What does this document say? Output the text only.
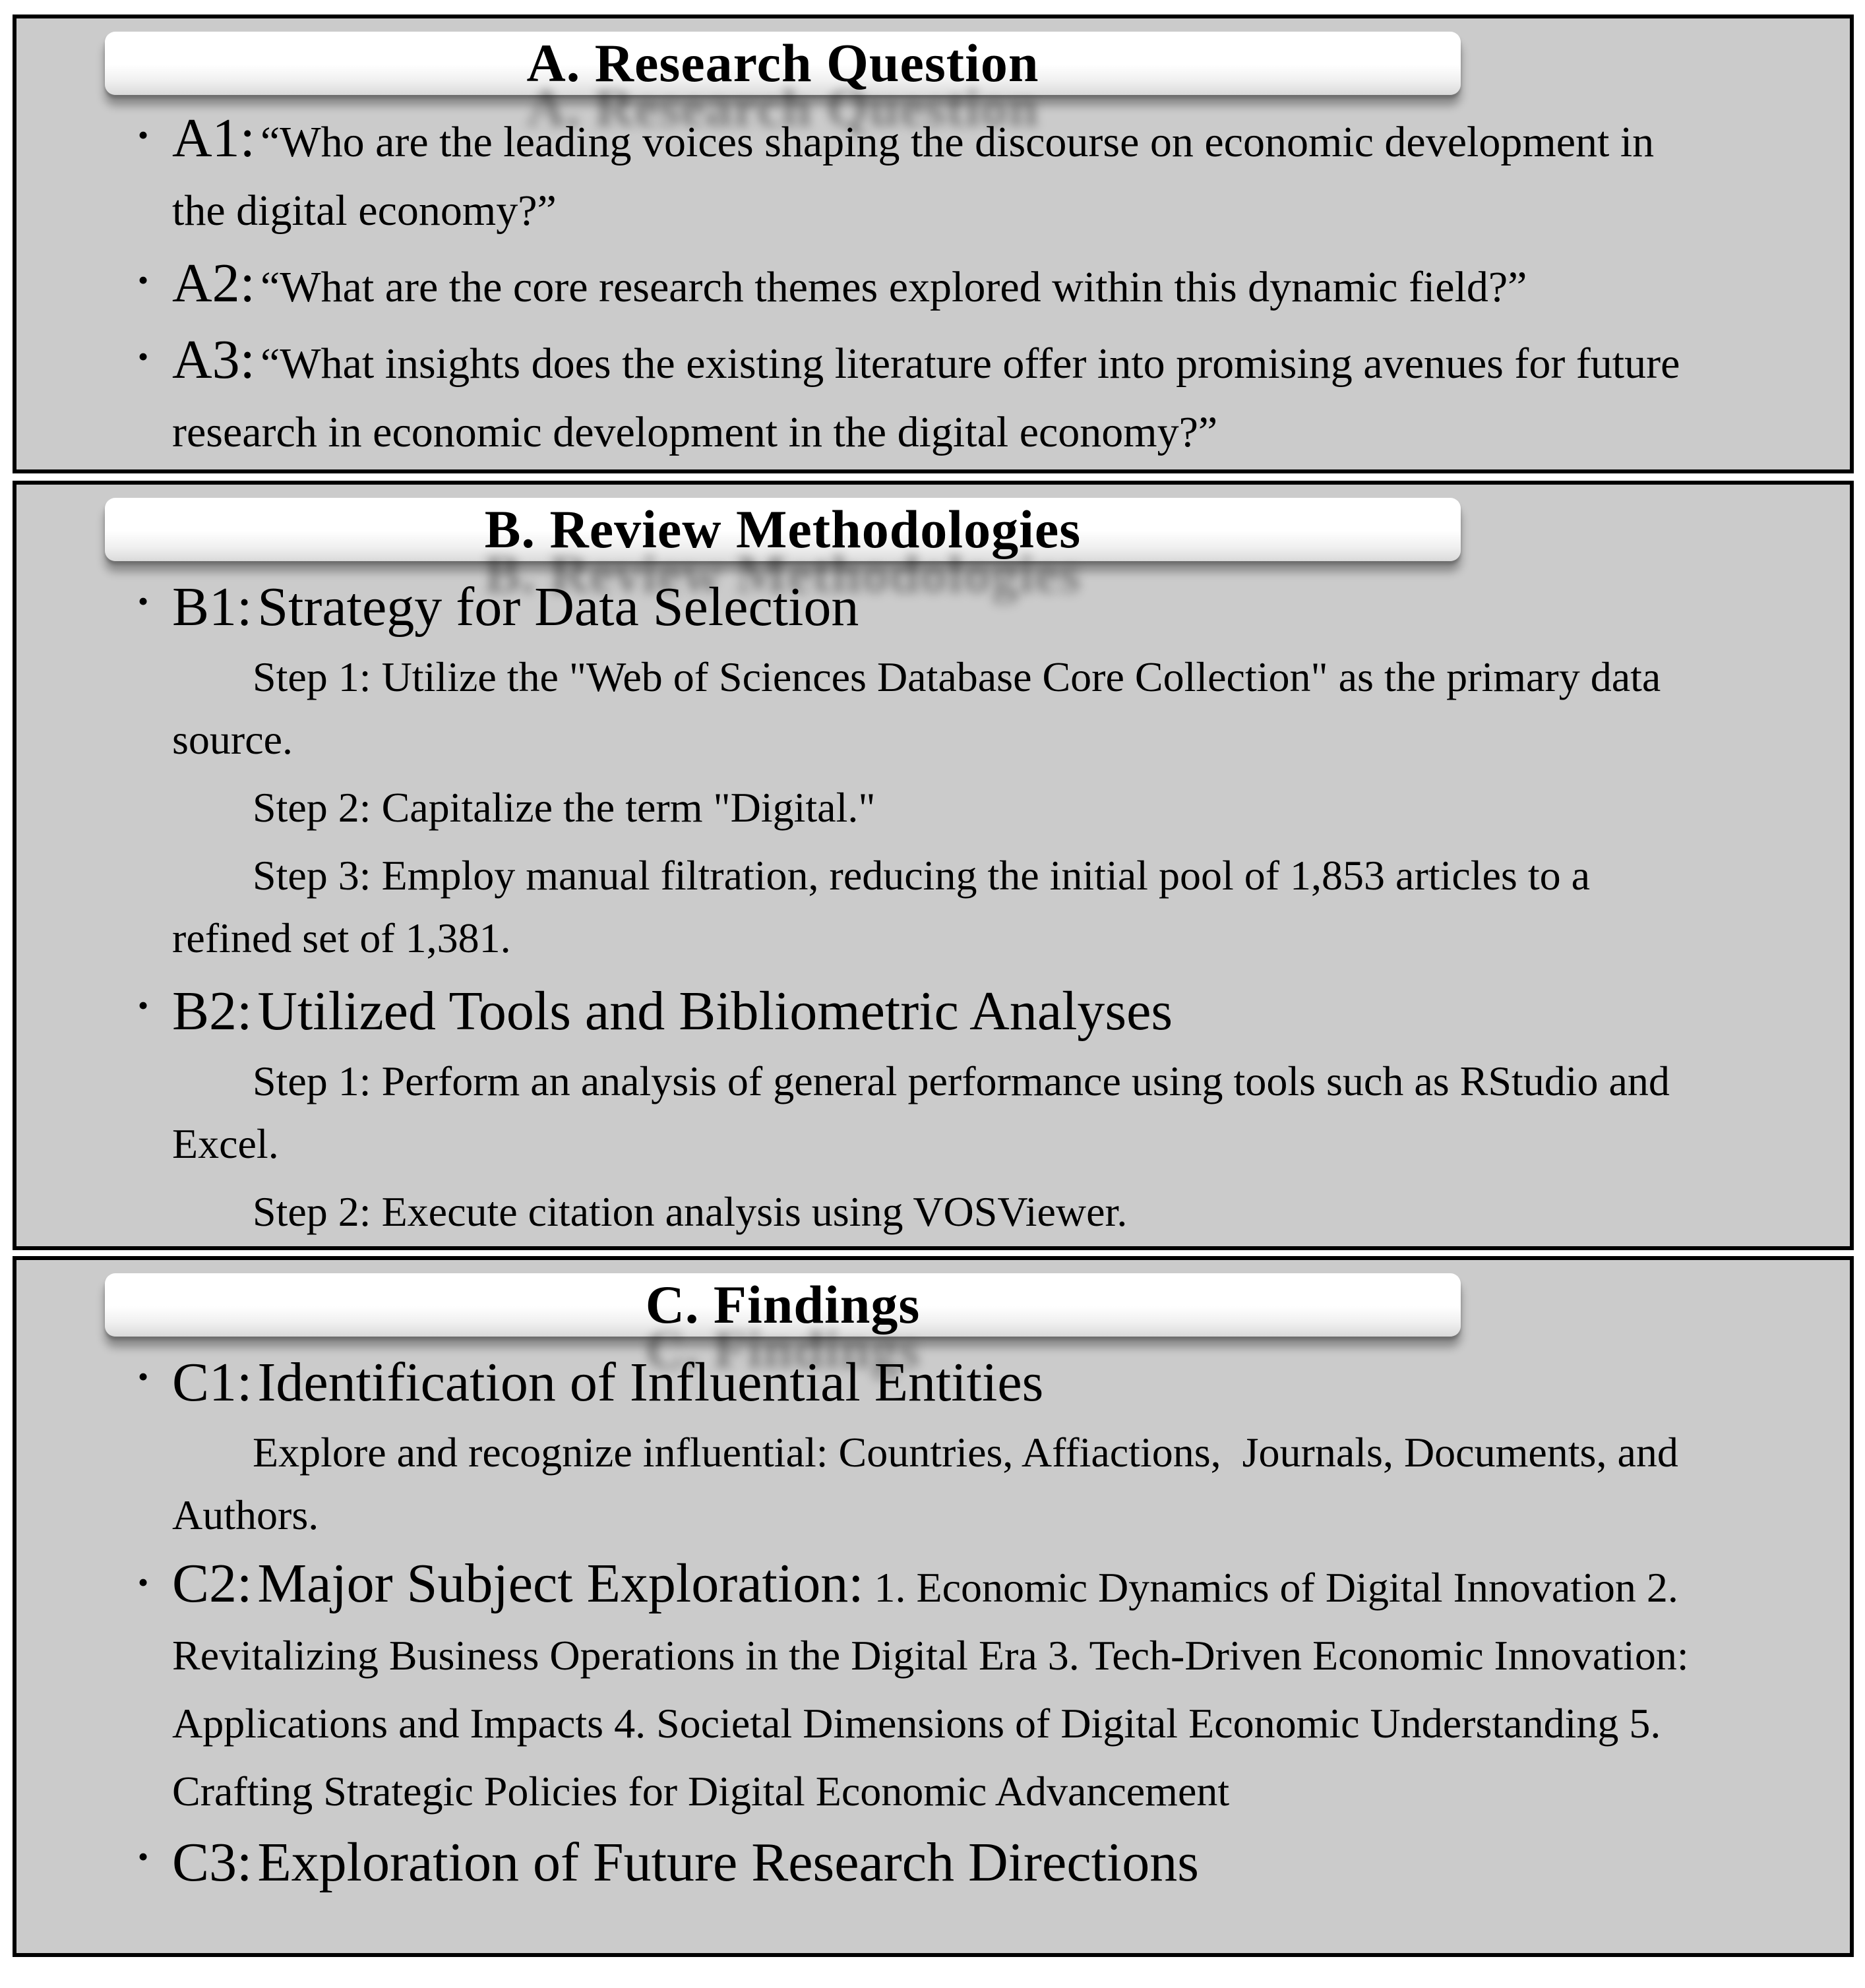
A. Research Question

• A1: “Who are the leading voices shaping the discourse on economic development in the digital economy?”

• A2: “What are the core research themes explored within this dynamic field?”

• A3: “What insights does the existing literature offer into promising avenues for future research in economic development in the digital economy?”

B. Review Methodologies

• B1:Strategy for Data Selection

Step 1: Utilize the "Web of Sciences Database Core Collection" as the primary data source.

Step 2: Capitalize the term "Digital."

Step 3: Employ manual filtration, reducing the initial pool of 1,853 articles to a refined set of 1,381.

• B2:Utilized Tools and Bibliometric Analyses

Step 1: Perform an analysis of general performance using tools such as RStudio and Excel.

Step 2: Execute citation analysis using VOSViewer.

C. Findings

• C1:Identification of Influential Entities

Explore and recognize influential: Countries, Affiactions,  Journals, Documents, and Authors.

• C2:Major Subject Exploration: 1. Economic Dynamics of Digital Innovation 2. Revitalizing Business Operations in the Digital Era 3. Tech-Driven Economic Innovation: Applications and Impacts 4. Societal Dimensions of Digital Economic Understanding 5. Crafting Strategic Policies for Digital Economic Advancement

• C3:Exploration of Future Research Directions
